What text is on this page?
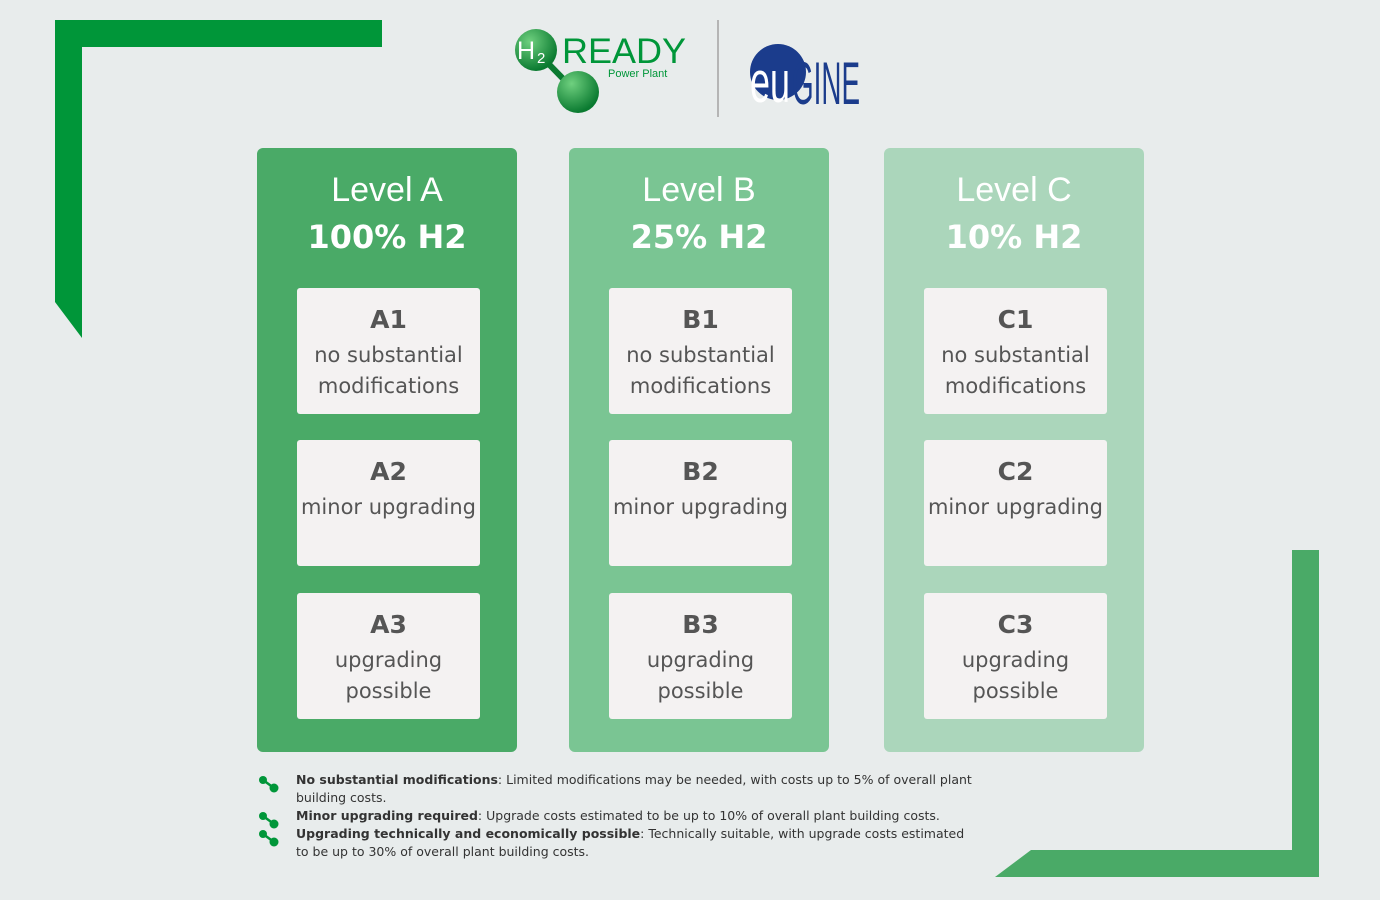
H 2 READY
Power Plant eu GINE
Level A
100% H2
A1
no substantial modifications
A2
minor upgrading
A3
upgrading possible
Level B
25% H2
B1
no substantial modifications
B2
minor upgrading
B3
upgrading possible
Level C
10% H2
C1
no substantial modifications
C2
minor upgrading
C3
upgrading possible
No substantial modifications: Limited modifications may be needed, with costs up to 5% of overall plant building costs.
Minor upgrading required: Upgrade costs estimated to be up to 10% of overall plant building costs.
Upgrading technically and economically possible: Technically suitable, with upgrade costs estimated to be up to 30% of overall plant building costs.
